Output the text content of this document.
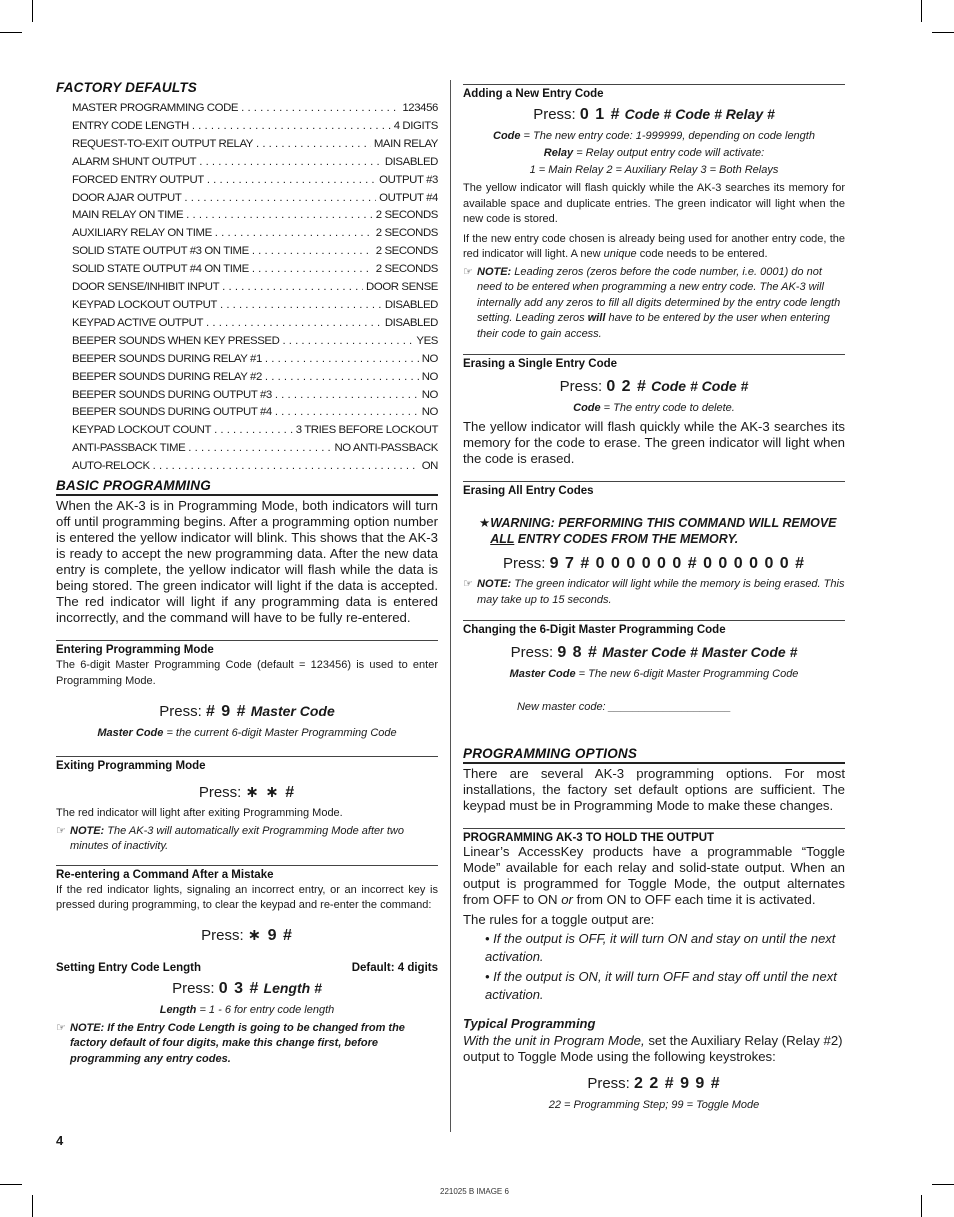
FACTORY DEFAULTS
MASTER PROGRAMMING CODE . . .	123456
ENTRY CODE LENGTH . . .	4 DIGITS
REQUEST-TO-EXIT OUTPUT RELAY . . .	MAIN RELAY
ALARM SHUNT OUTPUT . . .	DISABLED
FORCED ENTRY OUTPUT . . .	OUTPUT #3
DOOR AJAR OUTPUT . . .	OUTPUT #4
MAIN RELAY ON TIME . . .	2 SECONDS
AUXILIARY RELAY ON TIME . . .	2 SECONDS
SOLID STATE OUTPUT #3 ON TIME . . .	2 SECONDS
SOLID STATE OUTPUT #4 ON TIME . . .	2 SECONDS
DOOR SENSE/INHIBIT INPUT . . .	DOOR SENSE
KEYPAD LOCKOUT OUTPUT . . .	DISABLED
KEYPAD ACTIVE OUTPUT . . .	DISABLED
BEEPER SOUNDS WHEN KEY PRESSED . . .	YES
BEEPER SOUNDS DURING RELAY #1 . . .	NO
BEEPER SOUNDS DURING RELAY #2 . . .	NO
BEEPER SOUNDS DURING OUTPUT #3 . . .	NO
BEEPER SOUNDS DURING OUTPUT #4 . . .	NO
KEYPAD LOCKOUT COUNT . . .	3 TRIES BEFORE LOCKOUT
ANTI-PASSBACK TIME . . .	NO ANTI-PASSBACK
AUTO-RELOCK . . .	ON
BASIC PROGRAMMING

When the AK-3 is in Programming Mode, both indicators will turn off until programming begins. After a programming option number is entered the yellow indicator will blink. This shows that the AK-3 is ready to accept the new programming data. After the new data entry is complete, the yellow indicator will flash while the data is being stored. The green indicator will light if the data is accepted. The red indicator will light if any programming data is entered incorrectly, and the command will have to be fully re-entered.

Entering Programming Mode

The 6-digit Master Programming Code (default = 123456) is used to enter Programming Mode.

Press: # 9 # Master Code
Master Code = the current 6-digit Master Programming Code
Exiting Programming Mode
Press: ∗ ∗ #

The red indicator will light after exiting Programming Mode.

☞ NOTE: The AK-3 will automatically exit Programming Mode after two minutes of inactivity.
Re-entering a Command After a Mistake

If the red indicator lights, signaling an incorrect entry, or an incorrect key is pressed during programming, to clear the keypad and re-enter the command:

Press: ∗ 9 #
Setting Entry Code Length	Default: 4 digits
Press: 0 3 # Length #
Length = 1 - 6 for entry code length
☞ NOTE: If the Entry Code Length is going to be changed from the factory default of four digits, make this change first, before programming any entry codes.
Adding a New Entry Code
Press: 0 1 # Code # Code # Relay #
Code = The new entry code: 1-999999, depending on code length
Relay = Relay output entry code will activate:
1 = Main Relay 2 = Auxiliary Relay 3 = Both Relays

The yellow indicator will flash quickly while the AK-3 searches its memory for available space and duplicate entries. The green indicator will light when the new code is stored.

If the new entry code chosen is already being used for another entry code, the red indicator will light. A new unique code needs to be entered.

☞ NOTE: Leading zeros (zeros before the code number, i.e. 0001) do not need to be entered when programming a new entry code. The AK-3 will internally add any zeros to fill all digits determined by the entry code length setting. Leading zeros will have to be entered by the user when entering their code to gain access.
Erasing a Single Entry Code
Press: 0 2 # Code # Code #
Code = The entry code to delete.

The yellow indicator will flash quickly while the AK-3 searches its memory for the code to erase. The green indicator will light when the code is erased.

Erasing All Entry Codes
★ WARNING: PERFORMING THIS COMMAND WILL REMOVE ALL ENTRY CODES FROM THE MEMORY.
Press: 9 7 # 0 0 0 0 0 0 # 0 0 0 0 0 0 #
☞ NOTE: The green indicator will light while the memory is being erased. This may take up to 15 seconds.
Changing the 6-Digit Master Programming Code
Press: 9 8 # Master Code # Master Code #
Master Code = The new 6-digit Master Programming Code
New master code: ____________________
PROGRAMMING OPTIONS

There are several AK-3 programming options. For most installations, the factory set default options are sufficient. The keypad must be in Programming Mode to make these changes.

PROGRAMMING AK-3 TO HOLD THE OUTPUT

Linear’s AccessKey products have a programmable “Toggle Mode” available for each relay and solid-state output. When an output is programmed for Toggle Mode, the output alternates from OFF to ON or from ON to OFF each time it is activated.

The rules for a toggle output are:

• If the output is OFF, it will turn ON and stay on until the next activation.
• If the output is ON, it will turn OFF and stay off until the next activation.
Typical Programming

With the unit in Program Mode, set the Auxiliary Relay (Relay #2) output to Toggle Mode using the following keystrokes:

Press: 2 2 # 9 9 #
22 = Programming Step; 99 = Toggle Mode
4
221025 B IMAGE 6
